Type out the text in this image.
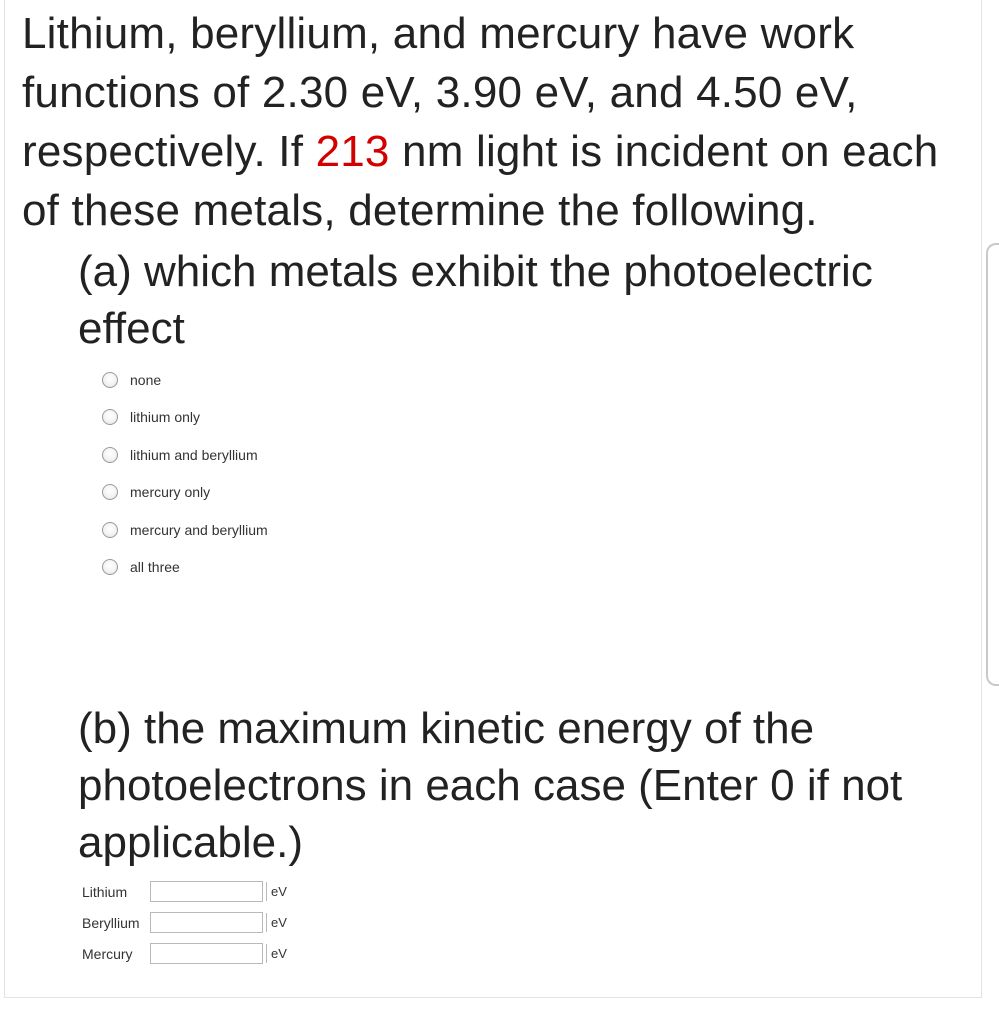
Lithium, beryllium, and mercury have work functions of 2.30 eV, 3.90 eV, and 4.50 eV, respectively. If 213 nm light is incident on each of these metals, determine the following.
(a) which metals exhibit the photoelectric effect
none
lithium only
lithium and beryllium
mercury only
mercury and beryllium
all three
(b) the maximum kinetic energy of the photoelectrons in each case (Enter 0 if not applicable.)
Lithium	eV
Beryllium	eV
Mercury	eV
